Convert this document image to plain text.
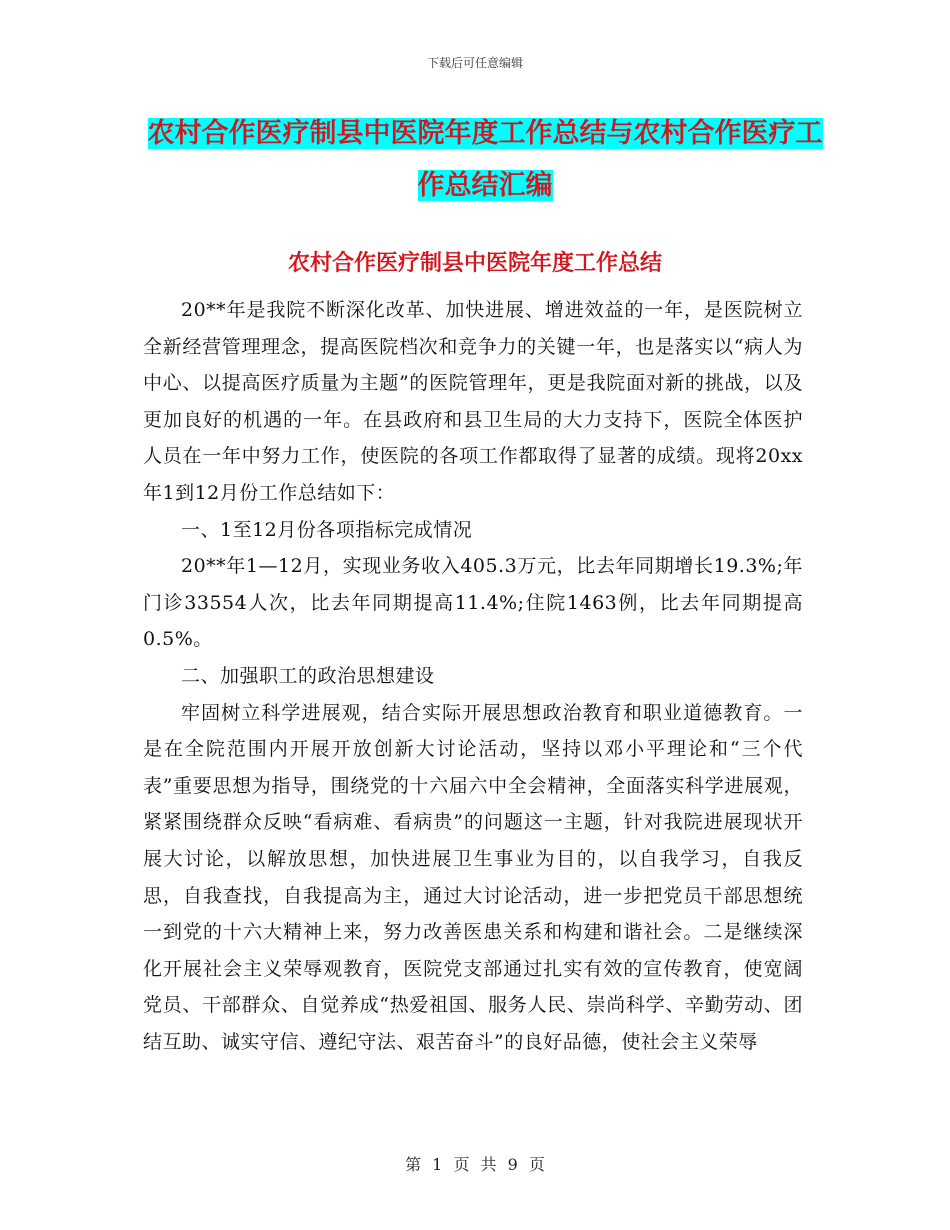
下载后可任意编辑
农村合作医疗制县中医院年度工作总结与农村合作医疗工作总结汇编
农村合作医疗制县中医院年度工作总结

20**年是我院不断深化改革、加快进展、增进效益的一年，是医院树立全新经营管理理念，提高医院档次和竞争力的关键一年，也是落实以“病人为中心、以提高医疗质量为主题”的医院管理年，更是我院面对新的挑战，以及更加良好的机遇的一年。在县政府和县卫生局的大力支持下，医院全体医护人员在一年中努力工作，使医院的各项工作都取得了显著的成绩。现将20xx年1到12月份工作总结如下：

一、1至12月份各项指标完成情况

20**年1—12月，实现业务收入405.3万元，比去年同期增长19.3%;年门诊33554人次，比去年同期提高11.4%;住院1463例，比去年同期提高0.5%。

二、加强职工的政治思想建设

牢固树立科学进展观，结合实际开展思想政治教育和职业道德教育。一是在全院范围内开展开放创新大讨论活动，坚持以邓小平理论和“三个代表”重要思想为指导，围绕党的十六届六中全会精神，全面落实科学进展观，紧紧围绕群众反映“看病难、看病贵”的问题这一主题，针对我院进展现状开展大讨论，以解放思想，加快进展卫生事业为目的，以自我学习，自我反思，自我查找，自我提高为主，通过大讨论活动，进一步把党员干部思想统一到党的十六大精神上来，努力改善医患关系和构建和谐社会。二是继续深化开展社会主义荣辱观教育，医院党支部通过扎实有效的宣传教育，使宽阔党员、干部群众、自觉养成“热爱祖国、服务人民、崇尚科学、辛勤劳动、团结互助、诚实守信、遵纪守法、艰苦奋斗”的良好品德，使社会主义荣辱

第 1 页 共 9 页
